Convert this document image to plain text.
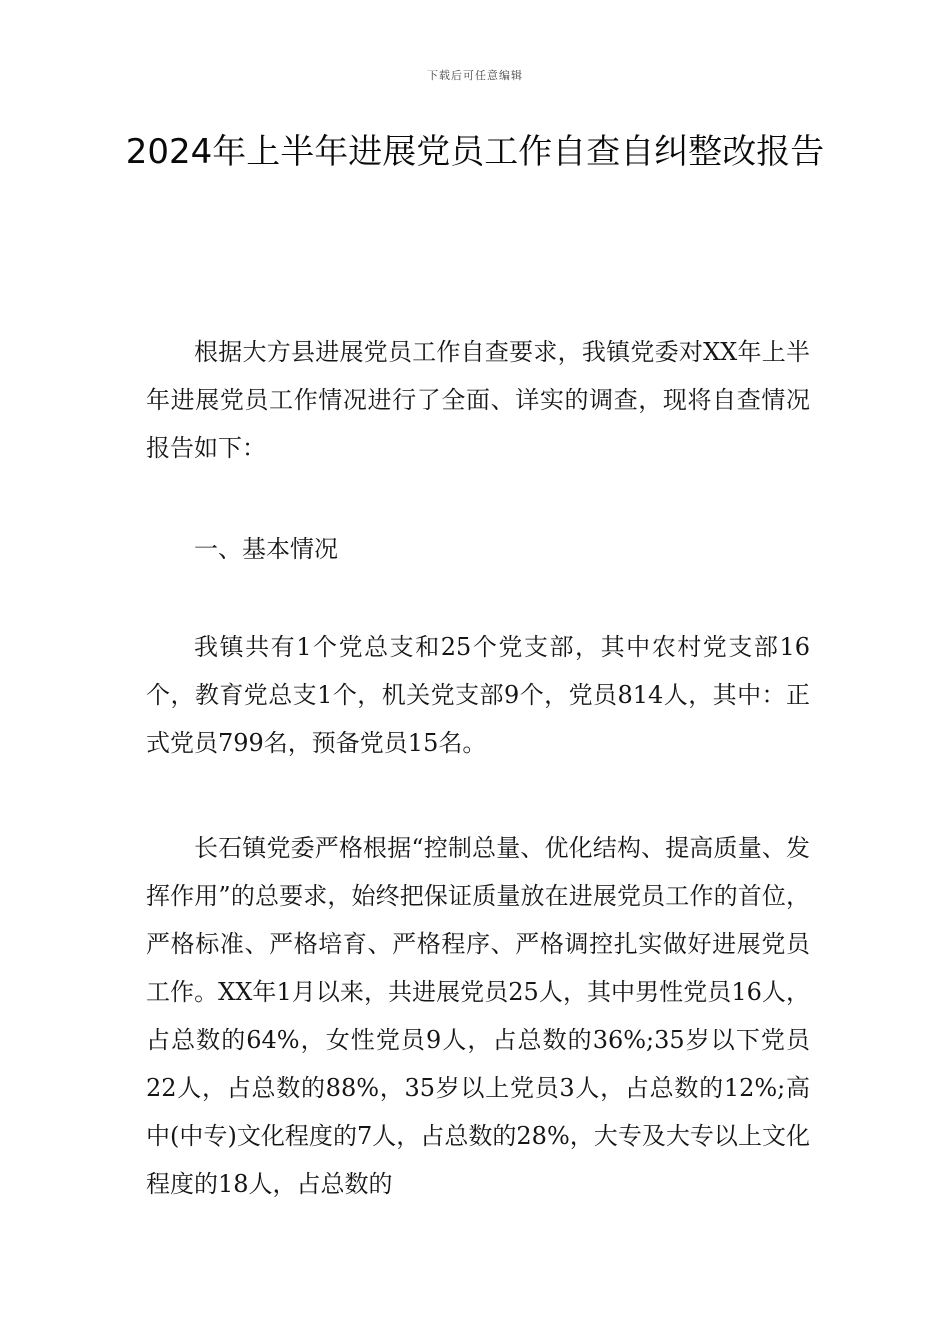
下载后可任意编辑
2024年上半年进展党员工作自查自纠整改报告
根据大方县进展党员工作自查要求，我镇党委对XX年上半年进展党员工作情况进行了全面、详实的调查，现将自查情况报告如下：
一、基本情况
我镇共有1个党总支和25个党支部，其中农村党支部16个，教育党总支1个，机关党支部9个，党员814人，其中：正式党员799名，预备党员15名。
长石镇党委严格根据“控制总量、优化结构、提高质量、发挥作用”的总要求，始终把保证质量放在进展党员工作的首位，严格标准、严格培育、严格程序、严格调控扎实做好进展党员工作。XX年1月以来，共进展党员25人，其中男性党员16人，占总数的64%，女性党员9人，占总数的36%;35岁以下党员22人，占总数的88%，35岁以上党员3人，占总数的12%;高中(中专)文化程度的7人，占总数的28%，大专及大专以上文化程度的18人，占总数的
